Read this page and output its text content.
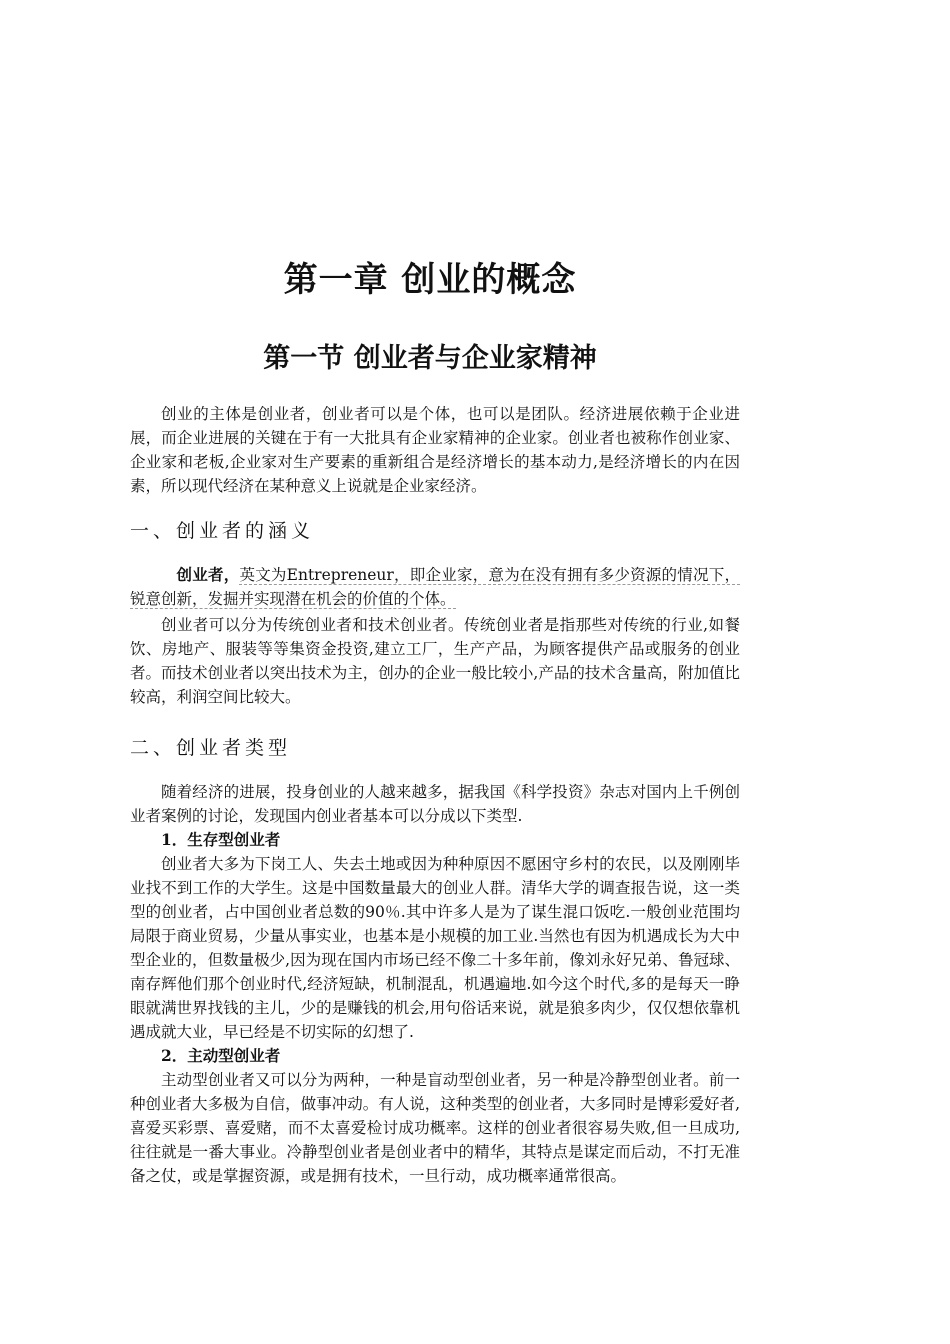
第一章 创业的概念
第一节 创业者与企业家精神

创业的主体是创业者，创业者可以是个体，也可以是团队。经济进展依赖于企业进展，而企业进展的关键在于有一大批具有企业家精神的企业家。创业者也被称作创业家、企业家和老板,企业家对生产要素的重新组合是经济增长的基本动力,是经济增长的内在因素，所以现代经济在某种意义上说就是企业家经济。

一、创业者的涵义

创业者，英文为Entrepreneur，即企业家，意为在没有拥有多少资源的情况下，锐意创新，发掘并实现潜在机会的价值的个体。

创业者可以分为传统创业者和技术创业者。传统创业者是指那些对传统的行业,如餐饮、房地产、服装等等集资金投资,建立工厂，生产产品，为顾客提供产品或服务的创业者。而技术创业者以突出技术为主，创办的企业一般比较小,产品的技术含量高，附加值比较高，利润空间比较大。

二、创业者类型

随着经济的进展，投身创业的人越来越多，据我国《科学投资》杂志对国内上千例创业者案例的讨论，发现国内创业者基本可以分成以下类型.

1．生存型创业者

创业者大多为下岗工人、失去土地或因为种种原因不愿困守乡村的农民，以及刚刚毕业找不到工作的大学生。这是中国数量最大的创业人群。清华大学的调查报告说，这一类型的创业者，占中国创业者总数的90％.其中许多人是为了谋生混口饭吃.一般创业范围均局限于商业贸易，少量从事实业，也基本是小规模的加工业.当然也有因为机遇成长为大中型企业的，但数量极少,因为现在国内市场已经不像二十多年前，像刘永好兄弟、鲁冠球、南存辉他们那个创业时代,经济短缺，机制混乱，机遇遍地.如今这个时代,多的是每天一睁眼就满世界找钱的主儿，少的是赚钱的机会,用句俗话来说，就是狼多肉少，仅仅想依靠机遇成就大业，早已经是不切实际的幻想了.

2．主动型创业者

主动型创业者又可以分为两种，一种是盲动型创业者，另一种是冷静型创业者。前一种创业者大多极为自信，做事冲动。有人说，这种类型的创业者，大多同时是博彩爱好者,喜爱买彩票、喜爱赌，而不太喜爱检讨成功概率。这样的创业者很容易失败,但一旦成功,往往就是一番大事业。冷静型创业者是创业者中的精华，其特点是谋定而后动，不打无准备之仗，或是掌握资源，或是拥有技术，一旦行动，成功概率通常很高。
